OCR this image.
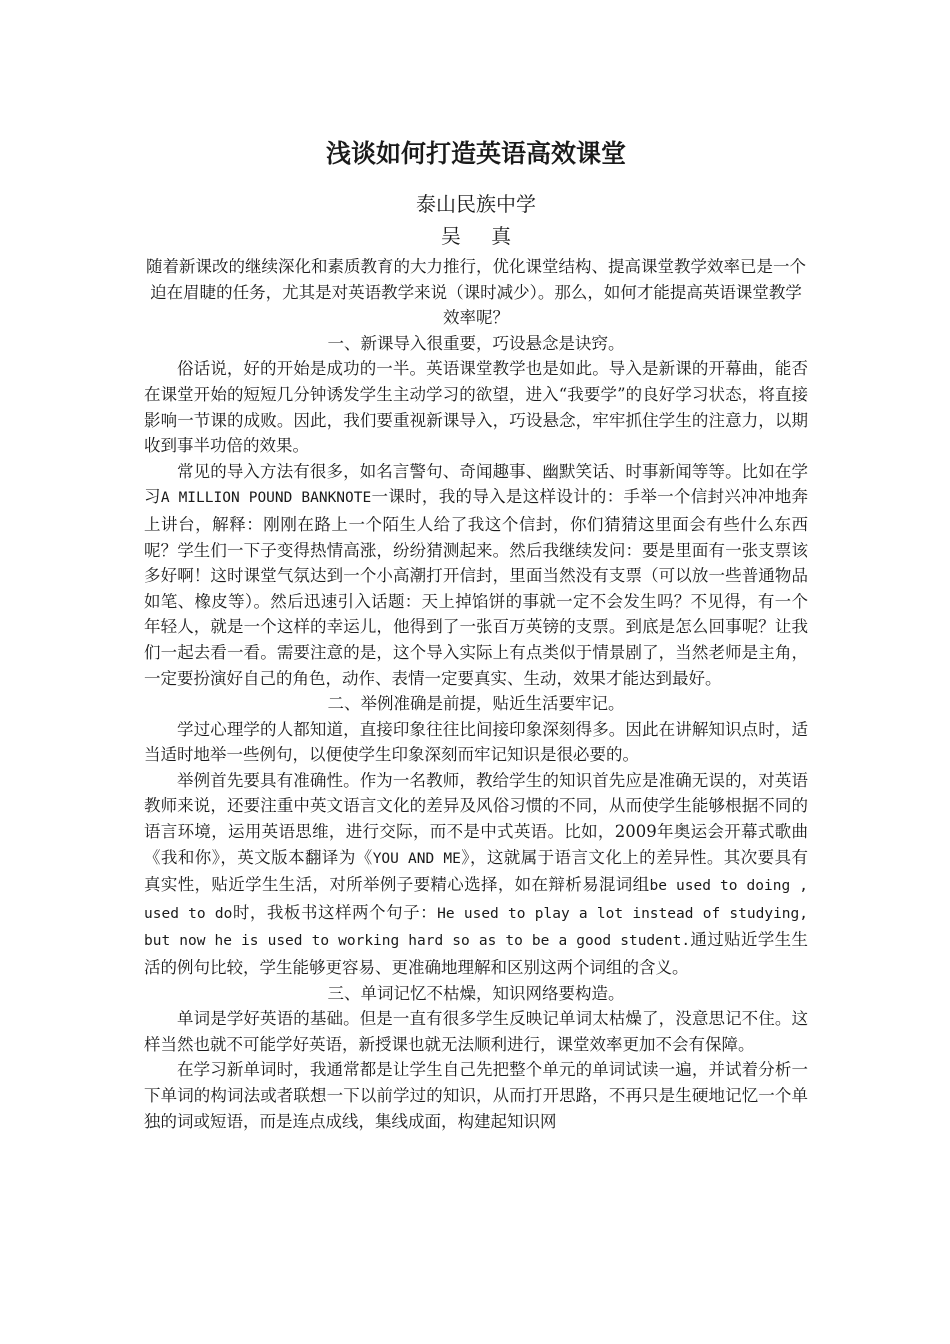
浅谈如何打造英语高效课堂
泰山民族中学
吴 真

随着新课改的继续深化和素质教育的大力推行，优化课堂结构、提高课堂教学效率已是一个迫在眉睫的任务，尤其是对英语教学来说（课时减少）。那么，如何才能提高英语课堂教学效率呢？

一、新课导入很重要，巧设悬念是诀窍。

俗话说，好的开始是成功的一半。英语课堂教学也是如此。导入是新课的开幕曲，能否在课堂开始的短短几分钟诱发学生主动学习的欲望，进入“我要学”的良好学习状态，将直接影响一节课的成败。因此，我们要重视新课导入，巧设悬念，牢牢抓住学生的注意力，以期收到事半功倍的效果。

常见的导入方法有很多，如名言警句、奇闻趣事、幽默笑话、时事新闻等等。比如在学习A MILLION POUND BANKNOTE一课时，我的导入是这样设计的：手举一个信封兴冲冲地奔上讲台，解释：刚刚在路上一个陌生人给了我这个信封，你们猜猜这里面会有些什么东西呢？学生们一下子变得热情高涨，纷纷猜测起来。然后我继续发问：要是里面有一张支票该多好啊！这时课堂气氛达到一个小高潮打开信封，里面当然没有支票（可以放一些普通物品如笔、橡皮等）。然后迅速引入话题：天上掉馅饼的事就一定不会发生吗？不见得，有一个年轻人，就是一个这样的幸运儿，他得到了一张百万英镑的支票。到底是怎么回事呢？让我们一起去看一看。需要注意的是，这个导入实际上有点类似于情景剧了，当然老师是主角，一定要扮演好自己的角色，动作、表情一定要真实、生动，效果才能达到最好。

二、举例准确是前提，贴近生活要牢记。

学过心理学的人都知道，直接印象往往比间接印象深刻得多。因此在讲解知识点时，适当适时地举一些例句，以便使学生印象深刻而牢记知识是很必要的。

举例首先要具有准确性。作为一名教师，教给学生的知识首先应是准确无误的，对英语教师来说，还要注重中英文语言文化的差异及风俗习惯的不同，从而使学生能够根据不同的语言环境，运用英语思维，进行交际，而不是中式英语。比如，2009年奥运会开幕式歌曲《我和你》，英文版本翻译为《YOU AND ME》，这就属于语言文化上的差异性。其次要具有真实性，贴近学生生活，对所举例子要精心选择，如在辩析易混词组be used to doing , used to do时，我板书这样两个句子：He used to play a lot instead of studying, but now he is used to working hard so as to be a good student.通过贴近学生生活的例句比较，学生能够更容易、更准确地理解和区别这两个词组的含义。

三、单词记忆不枯燥，知识网络要构造。

单词是学好英语的基础。但是一直有很多学生反映记单词太枯燥了，没意思记不住。这样当然也就不可能学好英语，新授课也就无法顺利进行，课堂效率更加不会有保障。

在学习新单词时，我通常都是让学生自己先把整个单元的单词试读一遍，并试着分析一下单词的构词法或者联想一下以前学过的知识，从而打开思路，不再只是生硬地记忆一个单独的词或短语，而是连点成线，集线成面，构建起知识网
